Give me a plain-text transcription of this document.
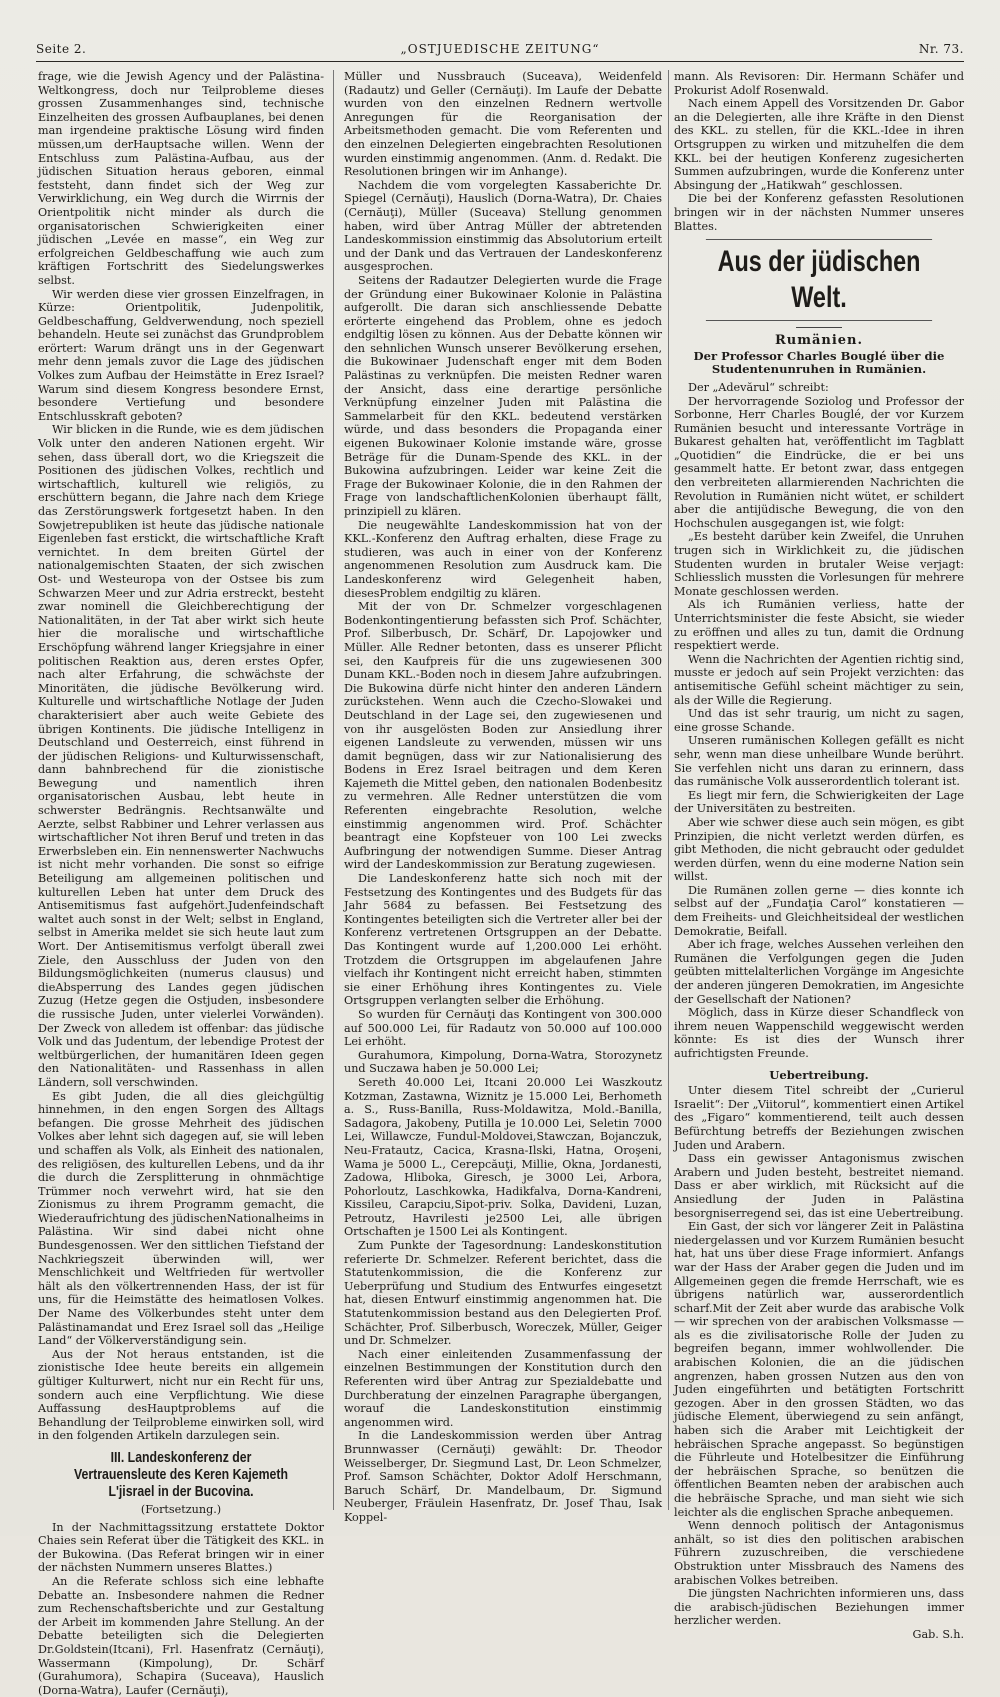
Seite 2.	„OSTJUEDISCHE ZEITUNG“	Nr. 73.

frage, wie die Jewish Agency und der Palästina-Weltkongress, doch nur Teilprobleme dieses grossen Zusammenhanges sind, technische Einzelheiten des grossen Aufbauplanes, bei denen man irgendeine praktische Lösung wird finden müssen,um derHauptsache willen. Wenn der Entschluss zum Palästina-Aufbau, aus der jüdischen Situation heraus geboren, einmal feststeht, dann findet sich der Weg zur Verwirklichung, ein Weg durch die Wirrnis der Orientpolitik nicht minder als durch die organisatorischen Schwierigkeiten einer jüdischen „Levée en masse“, ein Weg zur erfolgreichen Geldbeschaffung wie auch zum kräftigen Fortschritt des Siedelungswerkes selbst.

Wir werden diese vier grossen Einzelfragen, in Kürze: Orientpolitik, Judenpolitik, Geldbeschaffung, Geldverwendung, noch speziell behandeln. Heute sei zunächst das Grundproblem erörtert: Warum drängt uns in der Gegenwart mehr denn jemals zuvor die Lage des jüdischen Volkes zum Aufbau der Heimstätte in Erez Israel? Warum sind diesem Kongress besondere Ernst, besondere Vertiefung und besondere Entschlusskraft geboten?

Wir blicken in die Runde, wie es dem jüdischen Volk unter den anderen Nationen ergeht. Wir sehen, dass überall dort, wo die Kriegszeit die Positionen des jüdischen Volkes, rechtlich und wirtschaftlich, kulturell wie religiös, zu erschüttern begann, die Jahre nach dem Kriege das Zerstörungswerk fortgesetzt haben. In den Sowjetrepubliken ist heute das jüdische nationale Eigenleben fast erstickt, die wirtschaftliche Kraft vernichtet. In dem breiten Gürtel der nationalgemischten Staaten, der sich zwischen Ost- und Westeuropa von der Ostsee bis zum Schwarzen Meer und zur Adria erstreckt, besteht zwar nominell die Gleichberechtigung der Nationalitäten, in der Tat aber wirkt sich heute hier die moralische und wirtschaftliche Erschöpfung während langer Kriegsjahre in einer politischen Reaktion aus, deren erstes Opfer, nach alter Erfahrung, die schwächste der Minoritäten, die jüdische Bevölkerung wird. Kulturelle und wirtschaftliche Notlage der Juden charakterisiert aber auch weite Gebiete des übrigen Kontinents. Die jüdische Intelligenz in Deutschland und Oesterreich, einst führend in der jüdischen Religions- und Kulturwissenschaft, dann bahnbrechend für die zionistische Bewegung und namentlich ihren organisatorischen Ausbau, lebt heute in schwerster Bedrängnis. Rechtsanwälte und Aerzte, selbst Rabbiner und Lehrer verlassen aus wirtschaftlicher Not ihren Beruf und treten in das Erwerbsleben ein. Ein nennenswerter Nachwuchs ist nicht mehr vorhanden. Die sonst so eifrige Beteiligung am allgemeinen politischen und kulturellen Leben hat unter dem Druck des Antisemitismus fast aufgehört.Judenfeindschaft waltet auch sonst in der Welt; selbst in England, selbst in Amerika meldet sie sich heute laut zum Wort. Der Antisemitismus verfolgt überall zwei Ziele, den Ausschluss der Juden von den Bildungsmöglichkeiten (numerus clausus) und dieAbsperrung des Landes gegen jüdischen Zuzug (Hetze gegen die Ostjuden, insbesondere die russische Juden, unter vielerlei Vorwänden). Der Zweck von alledem ist offenbar: das jüdische Volk und das Judentum, der lebendige Protest der weltbürgerlichen, der humanitären Ideen gegen den Nationalitäten- und Rassenhass in allen Ländern, soll verschwinden.

Es gibt Juden, die all dies gleichgültig hinnehmen, in den engen Sorgen des Alltags befangen. Die grosse Mehrheit des jüdischen Volkes aber lehnt sich dagegen auf, sie will leben und schaffen als Volk, als Einheit des nationalen, des religiösen, des kulturellen Lebens, und da ihr die durch die Zersplitterung in ohnmächtige Trümmer noch verwehrt wird, hat sie den Zionismus zu ihrem Programm gemacht, die Wiederaufrichtung des jüdischenNationalheims in Palästina. Wir sind dabei nicht ohne Bundesgenossen. Wer den sittlichen Tiefstand der Nachkriegszeit überwinden will, wer Menschlichkeit und Weltfrieden für wertvoller hält als den völkertrennenden Hass, der ist für uns, für die Heimstätte des heimatlosen Volkes. Der Name des Völkerbundes steht unter dem Palästinamandat und Erez Israel soll das „Heilige Land“ der Völkerverständigung sein.

Aus der Not heraus entstanden, ist die zionistische Idee heute bereits ein allgemein gültiger Kulturwert, nicht nur ein Recht für uns, sondern auch eine Verpflichtung. Wie diese Auffassung desHauptproblems auf die Behandlung der Teilprobleme einwirken soll, wird in den folgenden Artikeln darzulegen sein.

III. Landeskonferenz der Vertrauensleute des Keren Kajemeth L'jisrael in der Bucovina.
(Fortsetzung.)

In der Nachmittagssitzung erstattete Doktor Chaies sein Referat über die Tätigkeit des KKL. in der Bukowina. (Das Referat bringen wir in einer der nächsten Nummern unseres Blattes.)

An die Referate schloss sich eine lebhafte Debatte an. Insbesondere nahmen die Redner zum Rechenschaftsberichte und zur Gestaltung der Arbeit im kommenden Jahre Stellung. An der Debatte beteiligten sich die Delegierten Dr.Goldstein(Itcani), Frl. Hasenfratz (Cernăuţi), Wassermann (Kimpolung), Dr. Schärf (Gurahumora), Schapira (Suceava), Hauslich (Dorna-Watra), Laufer (Cernăuţi),

Müller und Nussbrauch (Suceava), Weidenfeld (Radautz) und Geller (Cernăuţi). Im Laufe der Debatte wurden von den einzelnen Rednern wertvolle Anregungen für die Reorganisation der Arbeitsmethoden gemacht. Die vom Referenten und den einzelnen Delegierten eingebrachten Resolutionen wurden einstimmig angenommen. (Anm. d. Redakt. Die Resolutionen bringen wir im Anhange).

Nachdem die vom vorgelegten Kassaberichte Dr. Spiegel (Cernăuţi), Hauslich (Dorna-Watra), Dr. Chaies (Cernăuţi), Müller (Suceava) Stellung genommen haben, wird über Antrag Müller der abtretenden Landeskommission einstimmig das Absolutorium erteilt und der Dank und das Vertrauen der Landeskonferenz ausgesprochen.

Seitens der Radautzer Delegierten wurde die Frage der Gründung einer Bukowinaer Kolonie in Palästina aufgerollt. Die daran sich anschliessende Debatte erörterte eingehend das Problem, ohne es jedoch endgiltig lösen zu können. Aus der Debatte können wir den sehnlichen Wunsch unserer Bevölkerung ersehen, die Bukowinaer Judenschaft enger mit dem Boden Palästinas zu verknüpfen. Die meisten Redner waren der Ansicht, dass eine derartige persönliche Verknüpfung einzelner Juden mit Palästina die Sammelarbeit für den KKL. bedeutend verstärken würde, und dass besonders die Propaganda einer eigenen Bukowinaer Kolonie imstande wäre, grosse Beträge für die Dunam-Spende des KKL. in der Bukowina aufzubringen. Leider war keine Zeit die Frage der Bukowinaer Kolonie, die in den Rahmen der Frage von landschaftlichenKolonien überhaupt fällt, prinzipiell zu klären.

Die neugewählte Landeskommission hat von der KKL.-Konferenz den Auftrag erhalten, diese Frage zu studieren, was auch in einer von der Konferenz angenommenen Resolution zum Ausdruck kam. Die Landeskonferenz wird Gelegenheit haben, diesesProblem endgiltig zu klären.

Mit der von Dr. Schmelzer vorgeschlagenen Bodenkontingentierung befassten sich Prof. Schächter, Prof. Silberbusch, Dr. Schärf, Dr. Lapojowker und Müller. Alle Redner betonten, dass es unserer Pflicht sei, den Kaufpreis für die uns zugewiesenen 300 Dunam KKL.-Boden noch in diesem Jahre aufzubringen. Die Bukowina dürfe nicht hinter den anderen Ländern zurückstehen. Wenn auch die Czecho-Slowakei und Deutschland in der Lage sei, den zugewiesenen und von ihr ausgelösten Boden zur Ansiedlung ihrer eigenen Landsleute zu verwenden, müssen wir uns damit begnügen, dass wir zur Nationalisierung des Bodens in Erez Israel beitragen und dem Keren Kajemeth die Mittel geben, den nationalen Bodenbesitz zu vermehren. Alle Redner unterstützen die vom Referenten eingebrachte Resolution, welche einstimmig angenommen wird. Prof. Schächter beantragt eine Kopfsteuer von 100 Lei zwecks Aufbringung der notwendigen Summe. Dieser Antrag wird der Landeskommission zur Beratung zugewiesen.

Die Landeskonferenz hatte sich noch mit der Festsetzung des Kontingentes und des Budgets für das Jahr 5684 zu befassen. Bei Festsetzung des Kontingentes beteiligten sich die Vertreter aller bei der Konferenz vertretenen Ortsgruppen an der Debatte. Das Kontingent wurde auf 1,200.000 Lei erhöht. Trotzdem die Ortsgruppen im abgelaufenen Jahre vielfach ihr Kontingent nicht erreicht haben, stimmten sie einer Erhöhung ihres Kontingentes zu. Viele Ortsgruppen verlangten selber die Erhöhung.

So wurden für Cernăuţi das Kontingent von 300.000 auf 500.000 Lei, für Radautz von 50.000 auf 100.000 Lei erhöht.

Gurahumora, Kimpolung, Dorna-Watra, Storozynetz und Suczawa haben je 50.000 Lei;

Sereth 40.000 Lei, Itcani 20.000 Lei Waszkoutz Kotzman, Zastawna, Wiznitz je 15.000 Lei, Berhometh a. S., Russ-Banilla, Russ-Moldawitza, Mold.-Banilla, Sadagora, Jakobeny, Putilla je 10.000 Lei, Seletin 7000 Lei, Willawcze, Fundul-Moldovei,Stawczan, Bojanczuk, Neu-Fratautz, Cacica, Krasna-Ilski, Hatna, Oroşeni, Wama je 5000 L., Cerepcăuţi, Millie, Okna, Jordanesti, Zadowa, Hliboka, Giresch, je 3000 Lei, Arbora, Pohorloutz, Laschkowka, Hadikfalva, Dorna-Kandreni, Kissileu, Carapciu,Sipot-priv. Solka, Davideni, Luzan, Petroutz, Havrilesti je2500 Lei, alle übrigen Ortschaften je 1500 Lei als Kontingent.

Zum Punkte der Tagesordnung: Landeskonstitution referierte Dr. Schmelzer. Referent berichtet, dass die Statutenkommission, die die Konferenz zur Ueberprüfung und Studium des Entwurfes eingesetzt hat, diesen Entwurf einstimmig angenommen hat. Die Statutenkommission bestand aus den Delegierten Prof. Schächter, Prof. Silberbusch, Woreczek, Müller, Geiger und Dr. Schmelzer.

Nach einer einleitenden Zusammenfassung der einzelnen Bestimmungen der Konstitution durch den Referenten wird über Antrag zur Spezialdebatte und Durchberatung der einzelnen Paragraphe übergangen, worauf die Landeskonstitution einstimmig angenommen wird.

In die Landeskommission werden über Antrag Brunnwasser (Cernăuţi) gewählt: Dr. Theodor Weisselberger, Dr. Siegmund Last, Dr. Leon Schmelzer, Prof. Samson Schächter, Doktor Adolf Herschmann, Baruch Schärf, Dr. Mandelbaum, Dr. Sigmund Neuberger, Fräulein Hasenfratz, Dr. Josef Thau, Isak Koppel-

mann. Als Revisoren: Dir. Hermann Schäfer und Prokurist Adolf Rosenwald.

Nach einem Appell des Vorsitzenden Dr. Gabor an die Delegierten, alle ihre Kräfte in den Dienst des KKL. zu stellen, für die KKL.-Idee in ihren Ortsgruppen zu wirken und mitzuhelfen die dem KKL. bei der heutigen Konferenz zugesicherten Summen aufzubringen, wurde die Konferenz unter Absingung der „Hatikwah“ geschlossen.

Die bei der Konferenz gefassten Resolutionen bringen wir in der nächsten Nummer unseres Blattes.

Aus der jüdischen Welt.
Rumänien.
Der Professor Charles Bouglé über die Studentenunruhen in Rumänien.

Der „Adevărul“ schreibt:

Der hervorragende Soziolog und Professor der Sorbonne, Herr Charles Bouglé, der vor Kurzem Rumänien besucht und interessante Vorträge in Bukarest gehalten hat, veröffentlicht im Tagblatt „Quotidien“ die Eindrücke, die er bei uns gesammelt hatte. Er betont zwar, dass entgegen den verbreiteten allarmierenden Nachrichten die Revolution in Rumänien nicht wütet, er schildert aber die antijüdische Bewegung, die von den Hochschulen ausgegangen ist, wie folgt:

„Es besteht darüber kein Zweifel, die Unruhen trugen sich in Wirklichkeit zu, die jüdischen Studenten wurden in brutaler Weise verjagt: Schliesslich mussten die Vorlesungen für mehrere Monate geschlossen werden.

Als ich Rumänien verliess, hatte der Unterrichtsminister die feste Absicht, sie wieder zu eröffnen und alles zu tun, damit die Ordnung respektiert werde.

Wenn die Nachrichten der Agentien richtig sind, musste er jedoch auf sein Projekt verzichten: das antisemitische Gefühl scheint mächtiger zu sein, als der Wille die Regierung.

Und das ist sehr traurig, um nicht zu sagen, eine grosse Schande.

Unseren rumänischen Kollegen gefällt es nicht sehr, wenn man diese unheilbare Wunde berührt. Sie verfehlen nicht uns daran zu erinnern, dass das rumänische Volk ausserordentlich tolerant ist.

Es liegt mir fern, die Schwierigkeiten der Lage der Universitäten zu bestreiten.

Aber wie schwer diese auch sein mögen, es gibt Prinzipien, die nicht verletzt werden dürfen, es gibt Methoden, die nicht gebraucht oder geduldet werden dürfen, wenn du eine moderne Nation sein willst.

Die Rumänen zollen gerne — dies konnte ich selbst auf der „Fundaţia Carol“ konstatieren — dem Freiheits- und Gleichheitsideal der westlichen Demokratie, Beifall.

Aber ich frage, welches Aussehen verleihen den Rumänen die Verfolgungen gegen die Juden geübten mittelalterlichen Vorgänge im Angesichte der anderen jüngeren Demokratien, im Angesichte der Gesellschaft der Nationen?

Möglich, dass in Kürze dieser Schandfleck von ihrem neuen Wappenschild weggewischt werden könnte: Es ist dies der Wunsch ihrer aufrichtigsten Freunde.

Uebertreibung.

Unter diesem Titel schreibt der „Curierul Israelit“: Der „Viitorul“, kommentiert einen Artikel des „Figaro“ kommentierend, teilt auch dessen Befürchtung betreffs der Beziehungen zwischen Juden und Arabern.

Dass ein gewisser Antagonismus zwischen Arabern und Juden besteht, bestreitet niemand. Dass er aber wirklich, mit Rücksicht auf die Ansiedlung der Juden in Palästina besorgniserregend sei, das ist eine Uebertreibung.

Ein Gast, der sich vor längerer Zeit in Palästina niedergelassen und vor Kurzem Rumänien besucht hat, hat uns über diese Frage informiert. Anfangs war der Hass der Araber gegen die Juden und im Allgemeinen gegen die fremde Herrschaft, wie es übrigens natürlich war, ausserordentlich scharf.Mit der Zeit aber wurde das arabische Volk — wir sprechen von der arabischen Volksmasse — als es die zivilisatorische Rolle der Juden zu begreifen begann, immer wohlwollender. Die arabischen Kolonien, die an die jüdischen angrenzen, haben grossen Nutzen aus den von Juden eingeführten und betätigten Fortschritt gezogen. Aber in den grossen Städten, wo das jüdische Element, überwiegend zu sein anfängt, haben sich die Araber mit Leichtigkeit der hebräischen Sprache angepasst. So begünstigen die Führleute und Hotelbesitzer die Einführung der hebräischen Sprache, so benützen die öffentlichen Beamten neben der arabischen auch die hebräische Sprache, und man sieht wie sich leichter als die englischen Sprache anbequemen.

Wenn dennoch politisch der Antagonismus anhält, so ist dies den politischen arabischen Führern zuzuschreiben, die verschiedene Obstruktion unter Missbrauch des Namens des arabischen Volkes betreiben.

Die jüngsten Nachrichten informieren uns, dass die arabisch-jüdischen Beziehungen immer herzlicher werden.

Gab. S.h.
